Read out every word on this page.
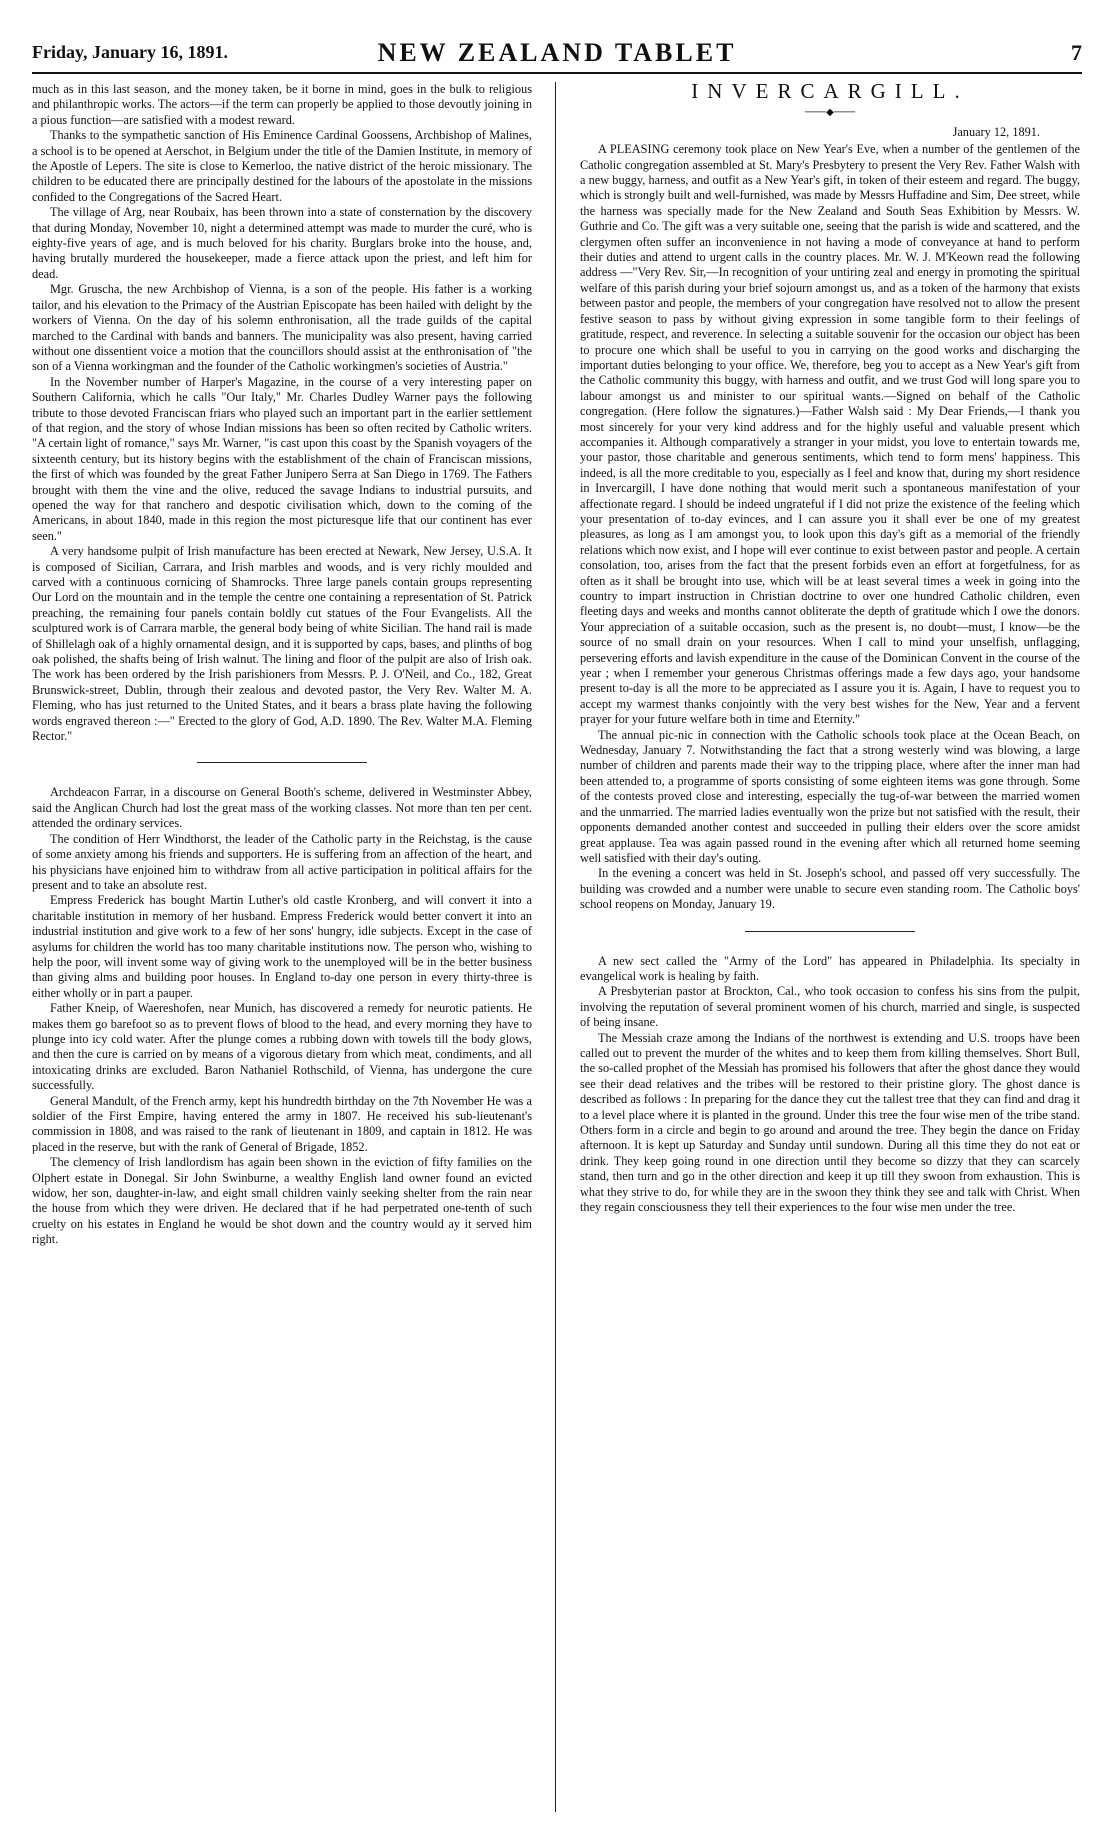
Friday, January 16, 1891.	NEW ZEALAND TABLET	7

much as in this last season, and the money taken, be it borne in mind, goes in the bulk to religious and philanthropic works. The actors—if the term can properly be applied to those devoutly joining in a pious function—are satisfied with a modest reward.

Thanks to the sympathetic sanction of His Eminence Cardinal Goossens, Archbishop of Malines, a school is to be opened at Aerschot, in Belgium under the title of the Damien Institute, in memory of the Apostle of Lepers. The site is close to Kemerloo, the native district of the heroic missionary. The children to be educated there are principally destined for the labours of the apostolate in the missions confided to the Congregations of the Sacred Heart.

The village of Arg, near Roubaix, has been thrown into a state of consternation by the discovery that during Monday, November 10, night a determined attempt was made to murder the curé, who is eighty-five years of age, and is much beloved for his charity. Burglars broke into the house, and, having brutally murdered the housekeeper, made a fierce attack upon the priest, and left him for dead.

Mgr. Gruscha, the new Archbishop of Vienna, is a son of the people. His father is a working tailor, and his elevation to the Primacy of the Austrian Episcopate has been hailed with delight by the workers of Vienna. On the day of his solemn enthronisation, all the trade guilds of the capital marched to the Cardinal with bands and banners. The municipality was also present, having carried without one dissentient voice a motion that the councillors should assist at the enthronisation of "the son of a Vienna workingman and the founder of the Catholic workingmen's societies of Austria."

In the November number of Harper's Magazine, in the course of a very interesting paper on Southern California, which he calls "Our Italy," Mr. Charles Dudley Warner pays the following tribute to those devoted Franciscan friars who played such an important part in the earlier settlement of that region, and the story of whose Indian missions has been so often recited by Catholic writers. "A certain light of romance," says Mr. Warner, "is cast upon this coast by the Spanish voyagers of the sixteenth century, but its history begins with the establishment of the chain of Franciscan missions, the first of which was founded by the great Father Junipero Serra at San Diego in 1769. The Fathers brought with them the vine and the olive, reduced the savage Indians to industrial pursuits, and opened the way for that ranchero and despotic civilisation which, down to the coming of the Americans, in about 1840, made in this region the most picturesque life that our continent has ever seen."

A very handsome pulpit of Irish manufacture has been erected at Newark, New Jersey, U.S.A. It is composed of Sicilian, Carrara, and Irish marbles and woods, and is very richly moulded and carved with a continuous cornicing of Shamrocks. Three large panels contain groups representing Our Lord on the mountain and in the temple the centre one containing a representation of St. Patrick preaching, the remaining four panels contain boldly cut statues of the Four Evangelists. All the sculptured work is of Carrara marble, the general body being of white Sicilian. The hand rail is made of Shillelagh oak of a highly ornamental design, and it is supported by caps, bases, and plinths of bog oak polished, the shafts being of Irish walnut. The lining and floor of the pulpit are also of Irish oak. The work has been ordered by the Irish parishioners from Messrs. P. J. O'Neil, and Co., 182, Great Brunswick-street, Dublin, through their zealous and devoted pastor, the Very Rev. Walter M. A. Fleming, who has just returned to the United States, and it bears a brass plate having the following words engraved thereon :—" Erected to the glory of God, A.D. 1890. The Rev. Walter M.A. Fleming Rector."

Archdeacon Farrar, in a discourse on General Booth's scheme, delivered in Westminster Abbey, said the Anglican Church had lost the great mass of the working classes. Not more than ten per cent. attended the ordinary services.

The condition of Herr Windthorst, the leader of the Catholic party in the Reichstag, is the cause of some anxiety among his friends and supporters. He is suffering from an affection of the heart, and his physicians have enjoined him to withdraw from all active participation in political affairs for the present and to take an absolute rest.

Empress Frederick has bought Martin Luther's old castle Kronberg, and will convert it into a charitable institution in memory of her husband. Empress Frederick would better convert it into an industrial institution and give work to a few of her sons' hungry, idle subjects. Except in the case of asylums for children the world has too many charitable institutions now. The person who, wishing to help the poor, will invent some way of giving work to the unemployed will be in the better business than giving alms and building poor houses. In England to-day one person in every thirty-three is either wholly or in part a pauper.

Father Kneip, of Waereshofen, near Munich, has discovered a remedy for neurotic patients. He makes them go barefoot so as to prevent flows of blood to the head, and every morning they have to plunge into icy cold water. After the plunge comes a rubbing down with towels till the body glows, and then the cure is carried on by means of a vigorous dietary from which meat, condiments, and all intoxicating drinks are excluded. Baron Nathaniel Rothschild, of Vienna, has undergone the cure successfully.

General Mandult, of the French army, kept his hundredth birthday on the 7th November He was a soldier of the First Empire, having entered the army in 1807. He received his sub-lieutenant's commission in 1808, and was raised to the rank of lieutenant in 1809, and captain in 1812. He was placed in the reserve, but with the rank of General of Brigade, 1852.

The clemency of Irish landlordism has again been shown in the eviction of fifty families on the Olphert estate in Donegal. Sir John Swinburne, a wealthy English land owner found an evicted widow, her son, daughter-in-law, and eight small children vainly seeking shelter from the rain near the house from which they were driven. He declared that if he had perpetrated one-tenth of such cruelty on his estates in England he would be shot down and the country would ay it served him right.

INVERCARGILL.
───◆───
January 12, 1891.

A PLEASING ceremony took place on New Year's Eve, when a number of the gentlemen of the Catholic congregation assembled at St. Mary's Presbytery to present the Very Rev. Father Walsh with a new buggy, harness, and outfit as a New Year's gift, in token of their esteem and regard. The buggy, which is strongly built and well-furnished, was made by Messrs Huffadine and Sim, Dee street, while the harness was specially made for the New Zealand and South Seas Exhibition by Messrs. W. Guthrie and Co. The gift was a very suitable one, seeing that the parish is wide and scattered, and the clergymen often suffer an inconvenience in not having a mode of conveyance at hand to perform their duties and attend to urgent calls in the country places. Mr. W. J. M'Keown read the following address —"Very Rev. Sir,—In recognition of your untiring zeal and energy in promoting the spiritual welfare of this parish during your brief sojourn amongst us, and as a token of the harmony that exists between pastor and people, the members of your congregation have resolved not to allow the present festive season to pass by without giving expression in some tangible form to their feelings of gratitude, respect, and reverence. In selecting a suitable souvenir for the occasion our object has been to procure one which shall be useful to you in carrying on the good works and discharging the important duties belonging to your office. We, therefore, beg you to accept as a New Year's gift from the Catholic community this buggy, with harness and outfit, and we trust God will long spare you to labour amongst us and minister to our spiritual wants.—Signed on behalf of the Catholic congregation. (Here follow the signatures.)—Father Walsh said : My Dear Friends,—I thank you most sincerely for your very kind address and for the highly useful and valuable present which accompanies it. Although comparatively a stranger in your midst, you love to entertain towards me, your pastor, those charitable and generous sentiments, which tend to form mens' happiness. This indeed, is all the more creditable to you, especially as I feel and know that, during my short residence in Invercargill, I have done nothing that would merit such a spontaneous manifestation of your affectionate regard. I should be indeed ungrateful if I did not prize the existence of the feeling which your presentation of to-day evinces, and I can assure you it shall ever be one of my greatest pleasures, as long as I am amongst you, to look upon this day's gift as a memorial of the friendly relations which now exist, and I hope will ever continue to exist between pastor and people. A certain consolation, too, arises from the fact that the present forbids even an effort at forgetfulness, for as often as it shall be brought into use, which will be at least several times a week in going into the country to impart instruction in Christian doctrine to over one hundred Catholic children, even fleeting days and weeks and months cannot obliterate the depth of gratitude which I owe the donors. Your appreciation of a suitable occasion, such as the present is, no doubt—must, I know—be the source of no small drain on your resources. When I call to mind your unselfish, unflagging, persevering efforts and lavish expenditure in the cause of the Dominican Convent in the course of the year ; when I remember your generous Christmas offerings made a few days ago, your handsome present to-day is all the more to be appreciated as I assure you it is. Again, I have to request you to accept my warmest thanks conjointly with the very best wishes for the New, Year and a fervent prayer for your future welfare both in time and Eternity."

The annual pic-nic in connection with the Catholic schools took place at the Ocean Beach, on Wednesday, January 7. Notwithstanding the fact that a strong westerly wind was blowing, a large number of children and parents made their way to the tripping place, where after the inner man had been attended to, a programme of sports consisting of some eighteen items was gone through. Some of the contests proved close and interesting, especially the tug-of-war between the married women and the unmarried. The married ladies eventually won the prize but not satisfied with the result, their opponents demanded another contest and succeeded in pulling their elders over the score amidst great applause. Tea was again passed round in the evening after which all returned home seeming well satisfied with their day's outing.

In the evening a concert was held in St. Joseph's school, and passed off very successfully. The building was crowded and a number were unable to secure even standing room. The Catholic boys' school reopens on Monday, January 19.

A new sect called the "Army of the Lord" has appeared in Philadelphia. Its specialty in evangelical work is healing by faith.

A Presbyterian pastor at Brockton, Cal., who took occasion to confess his sins from the pulpit, involving the reputation of several prominent women of his church, married and single, is suspected of being insane.

The Messiah craze among the Indians of the northwest is extending and U.S. troops have been called out to prevent the murder of the whites and to keep them from killing themselves. Short Bull, the so-called prophet of the Messiah has promised his followers that after the ghost dance they would see their dead relatives and the tribes will be restored to their pristine glory. The ghost dance is described as follows : In preparing for the dance they cut the tallest tree that they can find and drag it to a level place where it is planted in the ground. Under this tree the four wise men of the tribe stand. Others form in a circle and begin to go around and around the tree. They begin the dance on Friday afternoon. It is kept up Saturday and Sunday until sundown. During all this time they do not eat or drink. They keep going round in one direction until they become so dizzy that they can scarcely stand, then turn and go in the other direction and keep it up till they swoon from exhaustion. This is what they strive to do, for while they are in the swoon they think they see and talk with Christ. When they regain consciousness they tell their experiences to the four wise men under the tree.
